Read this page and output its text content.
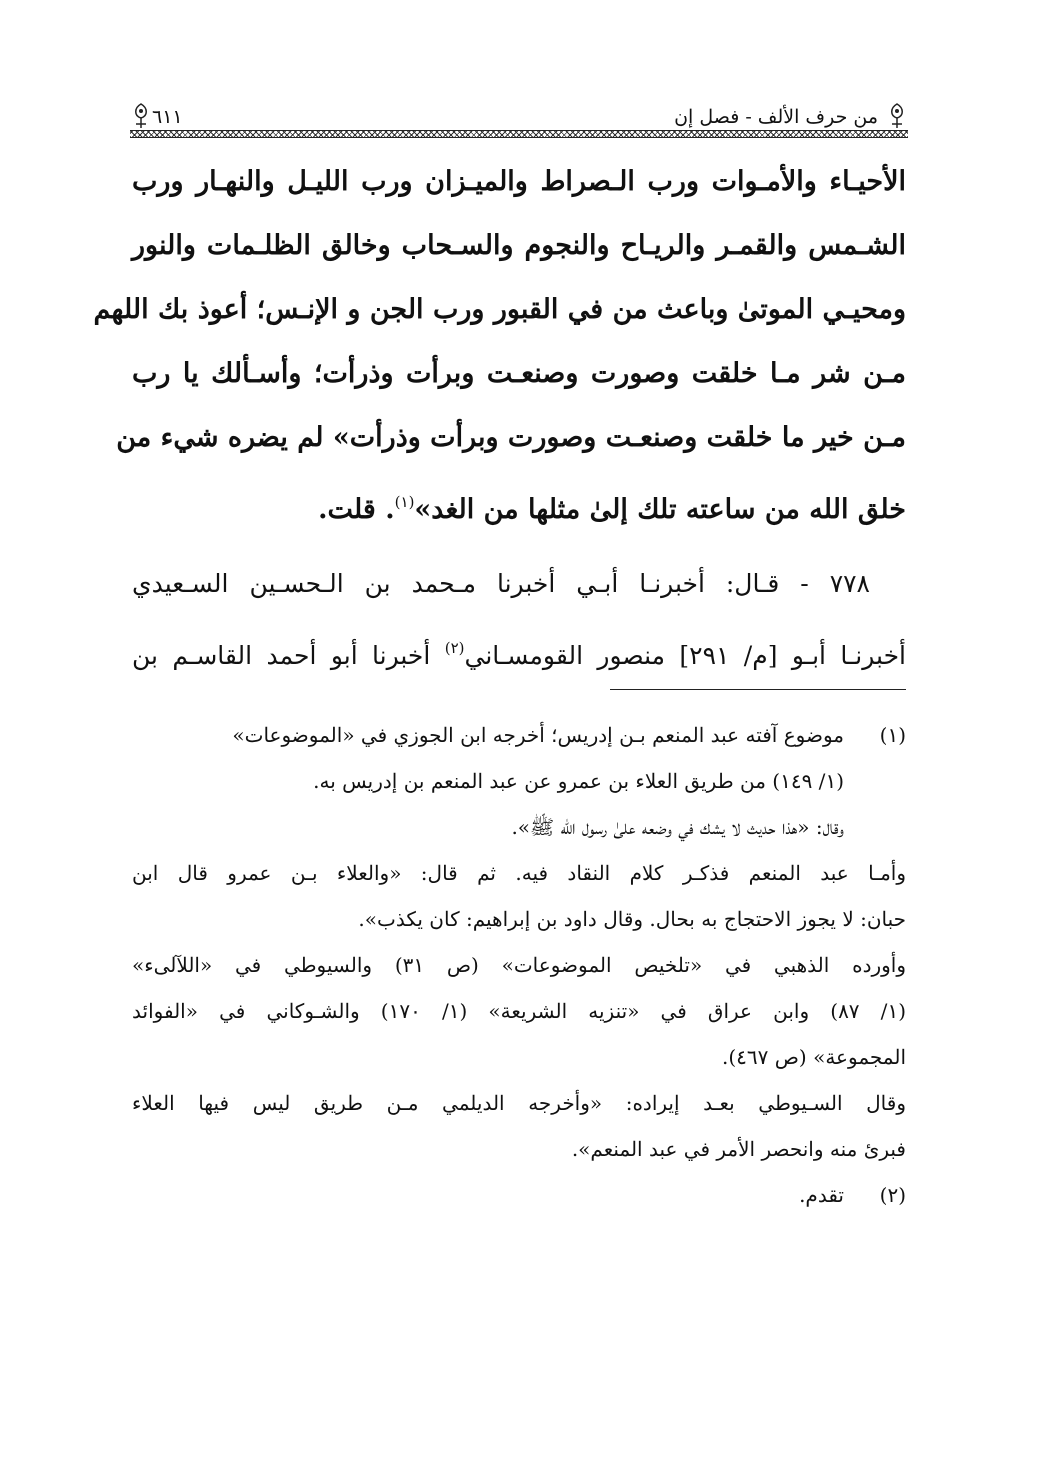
من حرف الألف - فصل إن
٦١١
الأحيـاء والأمـوات ورب الـصراط والميـزان ورب الليـل والنهـار ورب
الشـمس والقمـر والريـاح والنجوم والسـحاب وخالق الظلـمات والنور
ومحيـي الموتىٰ وباعث من في القبور ورب الجن و الإنـس؛ أعوذ بك اللهم
مـن شر مـا خلقت وصورت وصنعـت وبرأت وذرأت؛ وأسـألك يا رب
مـن خير ما خلقت وصنعـت وصورت وبرأت وذرأت» لم يضره شيء من
خلق الله من ساعته تلك إلىٰ مثلها من الغد»$^{(١)}$. قلت.
٧٧٨ - قـال: أخبرنـا أبـي أخبرنا مـحمد بن الـحسـين السـعيدي
أخبرنـا أبـو [م/ ٢٩١] منصور القومسـاني$^{(٢)}$ أخبرنا أبو أحمد القاسـم بن
(١)موضوع آفته عبد المنعم بـن إدريس؛ أخرجه ابن الجوزي في «الموضوعات»
(١/ ١٤٩) من طريق العلاء بن عمرو عن عبد المنعم بن إدريس به.
وقال: «هذا حديث لا يشك في وضعه علىٰ رسول الله ﷺ».
وأمـا عبد المنعم فذكـر كلام النقاد فيه. ثم قال: «والعلاء بـن عمرو قال ابن
حبان: لا يجوز الاحتجاج به بحال. وقال داود بن إبراهيم: كان يكذب».
وأورده الذهبي في «تلخيص الموضوعات» (ص ٣١) والسيوطي في «اللآلىء»
(١/ ٨٧) وابن عراق في «تنزيه الشريعة» (١/ ١٧٠) والشـوكاني في «الفوائد
المجموعة» (ص ٤٦٧).
وقال السـيوطي بعـد إيراده: «وأخرجه الديلمي مـن طريق ليس فيها العلاء
فبرئ منه وانحصر الأمر في عبد المنعم».
(٢)تقدم.
